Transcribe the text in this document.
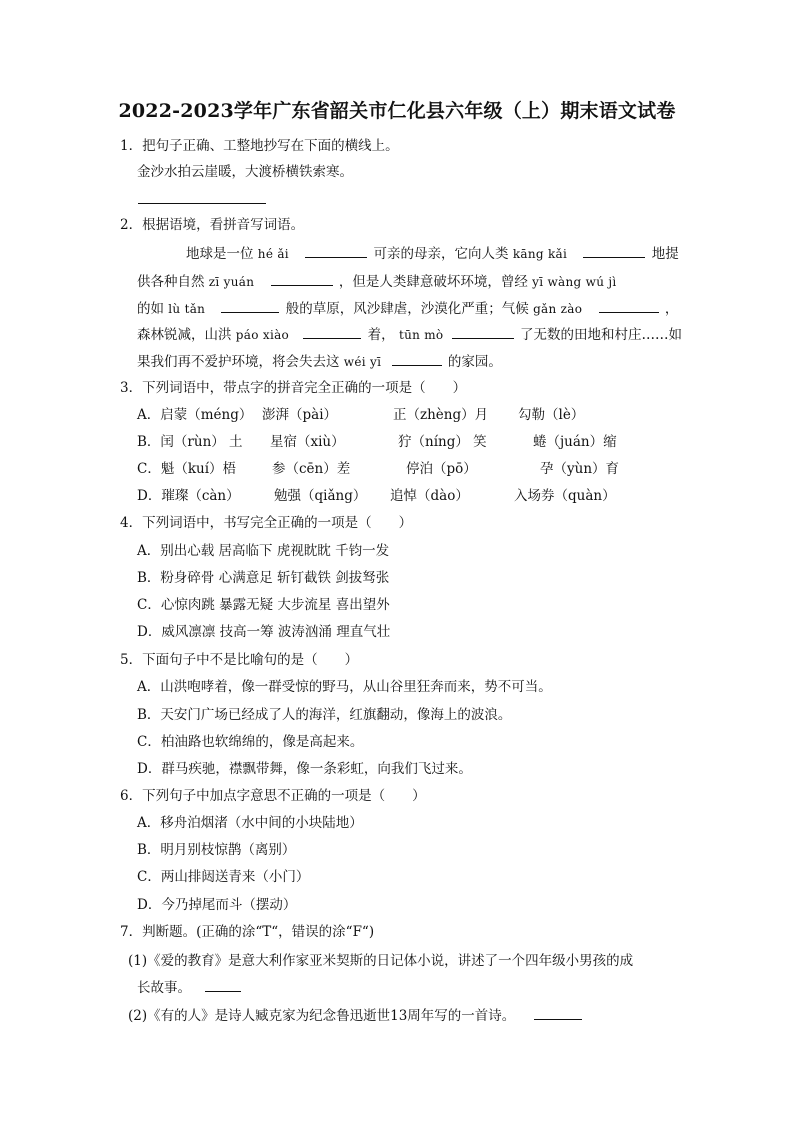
2022-2023学年广东省韶关市仁化县六年级（上）期末语文试卷
1．把句子正确、工整地抄写在下面的横线上。
金沙水拍云崖暖，大渡桥横铁索寒。
2．根据语境，看拼音写词语。
地球是一位 hé ǎi	可亲的母亲，它向人类 kāng kǎi	地提
供各种自然 zī yuán	，但是人类肆意破坏环境，曾经 yī wàng wú jì
的如 lù tǎn	般的草原，风沙肆虐，沙漠化严重；气候 gǎn zào	，
森林锐减，山洪 páo xiào	着， tūn mò	了无数的田地和村庄……如
果我们再不爱护环境，将会失去这 wéi yī	的家园。
3．下列词语中，带点字的拼音完全正确的一项是（　　）
A．启蒙（méng） 澎湃（pài）	正（zhèng）月 勾勒（lè）
B．闰（rùn） 土 星宿（xiù）	狞（níng） 笑	蜷（juán）缩
C．魁（kuí）梧	参（cēn）差	停泊（pō）	孕（yùn）育
D．璀璨（càn）	勉强（qiǎng） 追悼（dào）	入场券（quàn）
4．下列词语中，书写完全正确的一项是（　　）
A．别出心载 居高临下 虎视眈眈 千钧一发
B．粉身碎骨 心满意足 斩钉截铁 剑拔驽张
C．心惊肉跳 暴露无疑 大步流星 喜出望外
D．威风凛凛 技高一筹 波涛汹涌 理直气壮
5．下面句子中不是比喻句的是（　　）
A．山洪咆哮着，像一群受惊的野马，从山谷里狂奔而来，势不可当。
B．天安门广场已经成了人的海洋，红旗翻动，像海上的波浪。
C．柏油路也软绵绵的，像是高起来。
D．群马疾驰，襟飘带舞，像一条彩虹，向我们飞过来。
6．下列句子中加点字意思不正确的一项是（　　）
A．移舟泊烟渚（水中间的小块陆地）
B．明月别枝惊鹊（离别）
C．两山排闼送青来（小门）
D．今乃掉尾而斗（摆动）
7．判断题。(正确的涂“T“，错误的涂“F“)
(1)《爱的教育》是意大利作家亚米契斯的日记体小说，讲述了一个四年级小男孩的成
长故事。
(2)《有的人》是诗人臧克家为纪念鲁迅逝世13周年写的一首诗。
